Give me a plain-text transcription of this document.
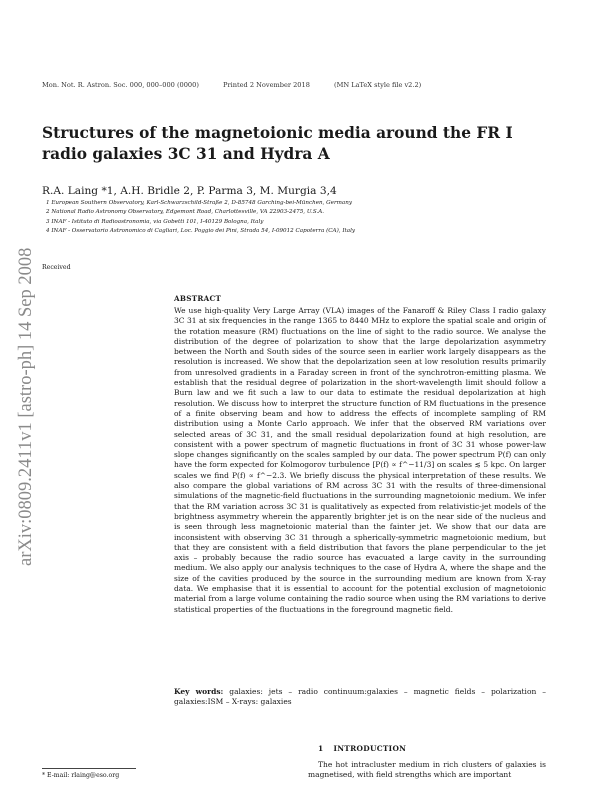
Mon. Not. R. Astron. Soc. 000, 000–000 (0000)	Printed 2 November 2018	(MN LaTeX style file v2.2)
arXiv:0809.2411v1 [astro-ph] 14 Sep 2008
Structures of the magnetoionic media around the FR I radio galaxies 3C 31 and Hydra A
R.A. Laing *1, A.H. Bridle 2, P. Parma 3, M. Murgia 3,4
1 European Southern Observatory, Karl-Schwarzschild-Straße 2, D-85748 Garching-bei-München, Germany
2 National Radio Astronomy Observatory, Edgemont Road, Charlottesville, VA 22903-2475, U.S.A.
3 INAF - Istituto di Radioastronomia, via Gobetti 101, I-40129 Bologna, Italy
4 INAF - Osservatorio Astronomico di Cagliari, Loc. Poggio dei Pini, Strada 54, I-09012 Capoterra (CA), Italy
Received
ABSTRACT
We use high-quality Very Large Array (VLA) images of the Fanaroff & Riley Class I radio galaxy 3C 31 at six frequencies in the range 1365 to 8440 MHz to explore the spatial scale and origin of the rotation measure (RM) fluctuations on the line of sight to the radio source. We analyse the distribution of the degree of polarization to show that the large depolarization asymmetry between the North and South sides of the source seen in earlier work largely disappears as the resolution is increased. We show that the depolarization seen at low resolution results primarily from unresolved gradients in a Faraday screen in front of the synchrotron-emitting plasma. We establish that the residual degree of polarization in the short-wavelength limit should follow a Burn law and we fit such a law to our data to estimate the residual depolarization at high resolution. We discuss how to interpret the structure function of RM fluctuations in the presence of a finite observing beam and how to address the effects of incomplete sampling of RM distribution using a Monte Carlo approach. We infer that the observed RM variations over selected areas of 3C 31, and the small residual depolarization found at high resolution, are consistent with a power spectrum of magnetic fluctuations in front of 3C 31 whose power-law slope changes significantly on the scales sampled by our data. The power spectrum P(f) can only have the form expected for Kolmogorov turbulence [P(f) ∝ f^−11/3] on scales ≲ 5 kpc. On larger scales we find P(f) ∝ f^−2.3. We briefly discuss the physical interpretation of these results. We also compare the global variations of RM across 3C 31 with the results of three-dimensional simulations of the magnetic-field fluctuations in the surrounding magnetoionic medium. We infer that the RM variation across 3C 31 is qualitatively as expected from relativistic-jet models of the brightness asymmetry wherein the apparently brighter jet is on the near side of the nucleus and is seen through less magnetoionic material than the fainter jet. We show that our data are inconsistent with observing 3C 31 through a spherically-symmetric magnetoionic medium, but that they are consistent with a field distribution that favors the plane perpendicular to the jet axis – probably because the radio source has evacuated a large cavity in the surrounding medium. We also apply our analysis techniques to the case of Hydra A, where the shape and the size of the cavities produced by the source in the surrounding medium are known from X-ray data. We emphasise that it is essential to account for the potential exclusion of magnetoionic material from a large volume containing the radio source when using the RM variations to derive statistical properties of the fluctuations in the foreground magnetic field.
Key words: galaxies: jets – radio continuum:galaxies – magnetic fields – polarization – galaxies:ISM – X-rays: galaxies
1 INTRODUCTION
The hot intracluster medium in rich clusters of galaxies is magnetised, with field strengths which are important
* E-mail: rlaing@eso.org
